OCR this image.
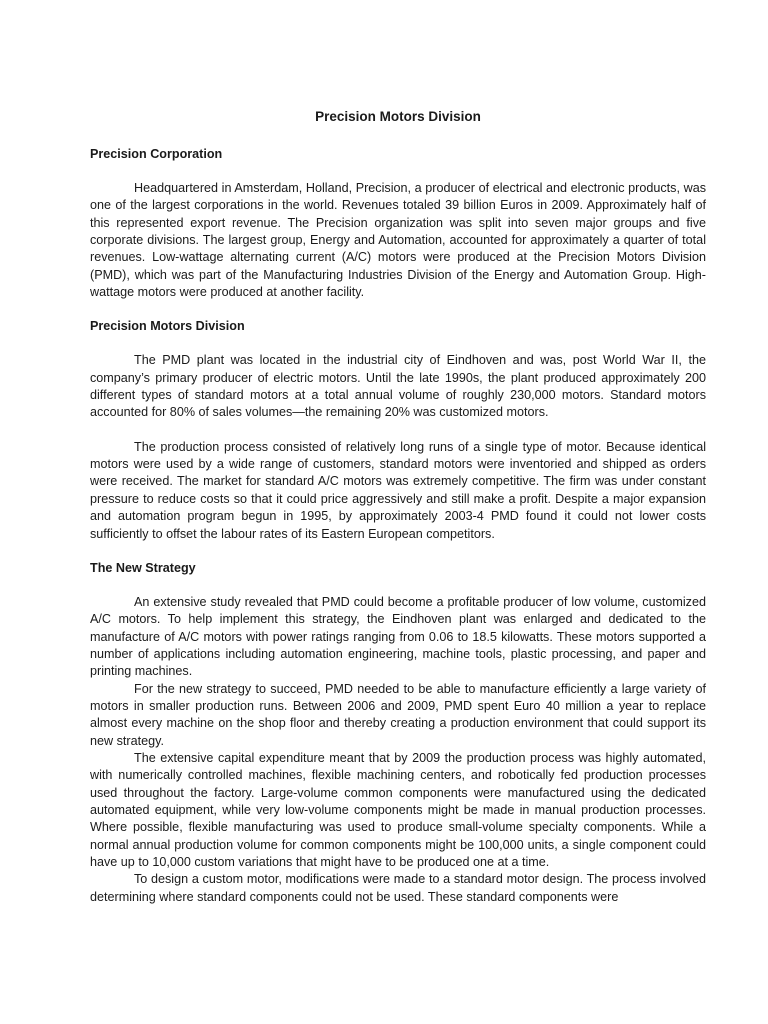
Precision Motors Division
Precision Corporation

Headquartered in Amsterdam, Holland, Precision, a producer of electrical and electronic products, was one of the largest corporations in the world. Revenues totaled 39 billion Euros in 2009. Approximately half of this represented export revenue. The Precision organization was split into seven major groups and five corporate divisions. The largest group, Energy and Automation, accounted for approximately a quarter of total revenues. Low-wattage alternating current (A/C) motors were produced at the Precision Motors Division (PMD), which was part of the Manufacturing Industries Division of the Energy and Automation Group. High-wattage motors were produced at another facility.

Precision Motors Division

The PMD plant was located in the industrial city of Eindhoven and was, post World War II, the company’s primary producer of electric motors. Until the late 1990s, the plant produced approximately 200 different types of standard motors at a total annual volume of roughly 230,000 motors. Standard motors accounted for 80% of sales volumes—the remaining 20% was customized motors.

The production process consisted of relatively long runs of a single type of motor. Because identical motors were used by a wide range of customers, standard motors were inventoried and shipped as orders were received. The market for standard A/C motors was extremely competitive. The firm was under constant pressure to reduce costs so that it could price aggressively and still make a profit. Despite a major expansion and automation program begun in 1995, by approximately 2003-4 PMD found it could not lower costs sufficiently to offset the labour rates of its Eastern European competitors.

The New Strategy

An extensive study revealed that PMD could become a profitable producer of low volume, customized A/C motors. To help implement this strategy, the Eindhoven plant was enlarged and dedicated to the manufacture of A/C motors with power ratings ranging from 0.06 to 18.5 kilowatts. These motors supported a number of applications including automation engineering, machine tools, plastic processing, and paper and printing machines.

For the new strategy to succeed, PMD needed to be able to manufacture efficiently a large variety of motors in smaller production runs. Between 2006 and 2009, PMD spent Euro 40 million a year to replace almost every machine on the shop floor and thereby creating a production environment that could support its new strategy.

The extensive capital expenditure meant that by 2009 the production process was highly automated, with numerically controlled machines, flexible machining centers, and robotically fed production processes used throughout the factory. Large-volume common components were manufactured using the dedicated automated equipment, while very low-volume components might be made in manual production processes. Where possible, flexible manufacturing was used to produce small-volume specialty components. While a normal annual production volume for common components might be 100,000 units, a single component could have up to 10,000 custom variations that might have to be produced one at a time.

To design a custom motor, modifications were made to a standard motor design. The process involved determining where standard components could not be used. These standard components were
